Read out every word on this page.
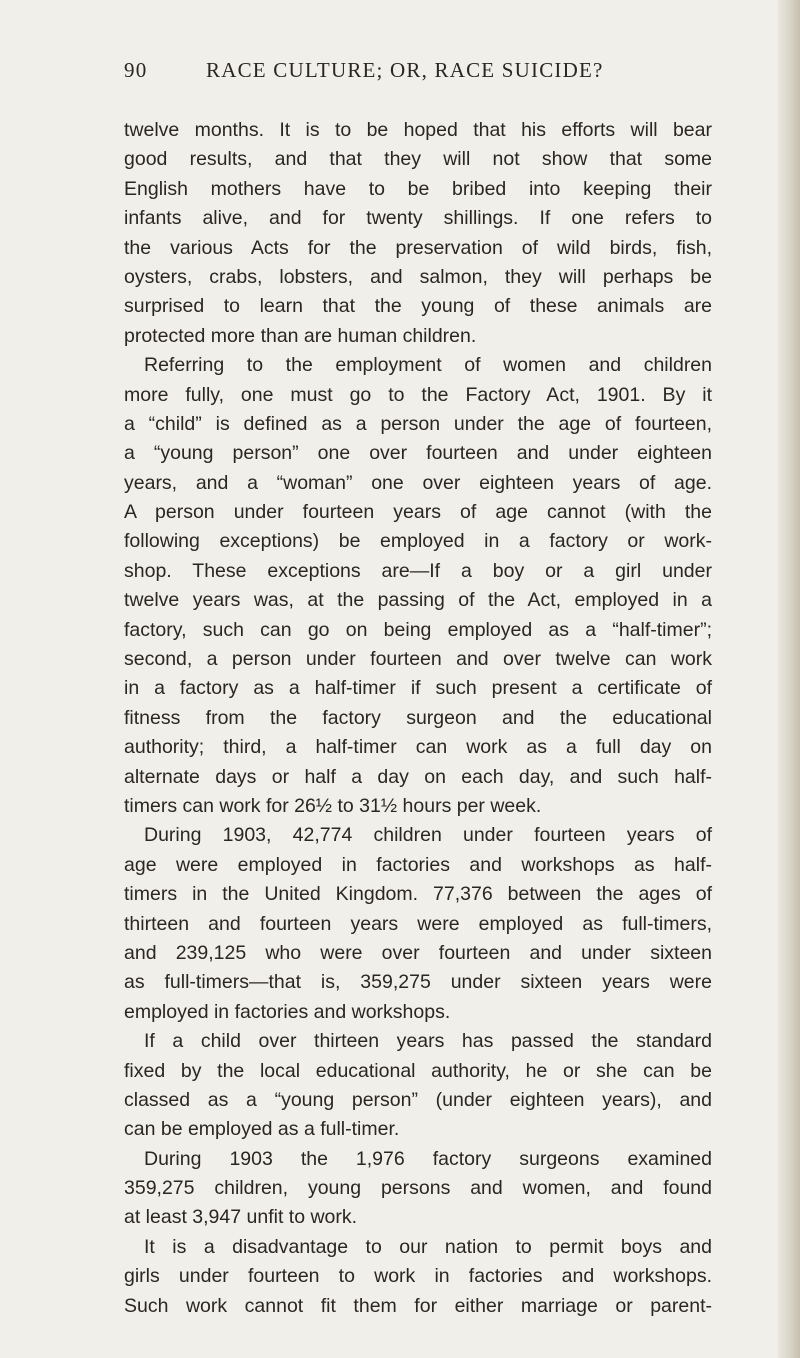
90	RACE CULTURE; OR, RACE SUICIDE?
twelve months. It is to be hoped that his efforts will bear
good results, and that they will not show that some
English mothers have to be bribed into keeping their
infants alive, and for twenty shillings. If one refers to
the various Acts for the preservation of wild birds, fish,
oysters, crabs, lobsters, and salmon, they will perhaps be
surprised to learn that the young of these animals are
protected more than are human children.
Referring to the employment of women and children
more fully, one must go to the Factory Act, 1901. By it
a “child” is defined as a person under the age of fourteen,
a “young person” one over fourteen and under eighteen
years, and a “woman” one over eighteen years of age.
A person under fourteen years of age cannot (with the
following exceptions) be employed in a factory or work-
shop. These exceptions are—If a boy or a girl under
twelve years was, at the passing of the Act, employed in a
factory, such can go on being employed as a “half-timer”;
second, a person under fourteen and over twelve can work
in a factory as a half-timer if such present a certificate of
fitness from the factory surgeon and the educational
authority; third, a half-timer can work as a full day on
alternate days or half a day on each day, and such half-
timers can work for 26½ to 31½ hours per week.
During 1903, 42,774 children under fourteen years of
age were employed in factories and workshops as half-
timers in the United Kingdom. 77,376 between the ages of
thirteen and fourteen years were employed as full-timers,
and 239,125 who were over fourteen and under sixteen
as full-timers—that is, 359,275 under sixteen years were
employed in factories and workshops.
If a child over thirteen years has passed the standard
fixed by the local educational authority, he or she can be
classed as a “young person” (under eighteen years), and
can be employed as a full-timer.
During 1903 the 1,976 factory surgeons examined
359,275 children, young persons and women, and found
at least 3,947 unfit to work.
It is a disadvantage to our nation to permit boys and
girls under fourteen to work in factories and workshops.
Such work cannot fit them for either marriage or parent-
